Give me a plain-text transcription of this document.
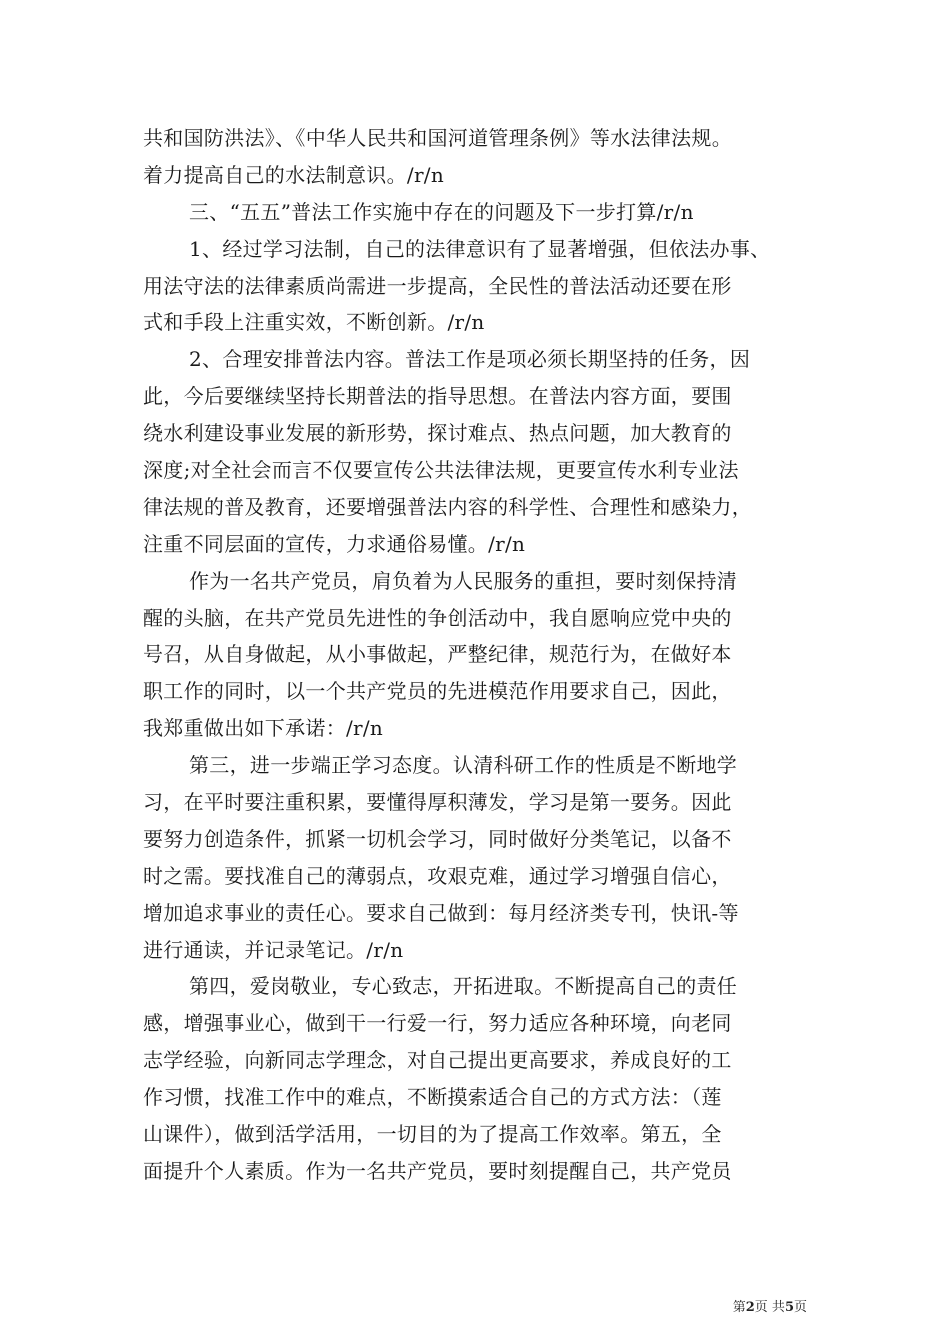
共和国防洪法》、《中华人民共和国河道管理条例》等水法律法规。
着力提高自己的水法制意识。/r/n
三、“五五”普法工作实施中存在的问题及下一步打算/r/n
1、经过学习法制，自己的法律意识有了显著增强，但依法办事、
用法守法的法律素质尚需进一步提高，全民性的普法活动还要在形
式和手段上注重实效，不断创新。/r/n
2、合理安排普法内容。普法工作是项必须长期坚持的任务，因
此，今后要继续坚持长期普法的指导思想。在普法内容方面，要围
绕水利建设事业发展的新形势，探讨难点、热点问题，加大教育的
深度;对全社会而言不仅要宣传公共法律法规，更要宣传水利专业法
律法规的普及教育，还要增强普法内容的科学性、合理性和感染力，
注重不同层面的宣传，力求通俗易懂。/r/n
作为一名共产党员，肩负着为人民服务的重担，要时刻保持清
醒的头脑，在共产党员先进性的争创活动中，我自愿响应党中央的
号召，从自身做起，从小事做起，严整纪律，规范行为，在做好本
职工作的同时，以一个共产党员的先进模范作用要求自己，因此，
我郑重做出如下承诺：/r/n
第三，进一步端正学习态度。认清科研工作的性质是不断地学
习，在平时要注重积累，要懂得厚积薄发，学习是第一要务。因此
要努力创造条件，抓紧一切机会学习，同时做好分类笔记，以备不
时之需。要找准自己的薄弱点，攻艰克难，通过学习增强自信心，
增加追求事业的责任心。要求自己做到：每月经济类专刊，快讯-等
进行通读，并记录笔记。/r/n
第四，爱岗敬业，专心致志，开拓进取。不断提高自己的责任
感，增强事业心，做到干一行爱一行，努力适应各种环境，向老同
志学经验，向新同志学理念，对自己提出更高要求，养成良好的工
作习惯，找准工作中的难点，不断摸索适合自己的方式方法：（莲
山课件），做到活学活用，一切目的为了提高工作效率。第五，全
面提升个人素质。作为一名共产党员，要时刻提醒自己，共产党员
第2页 共5页
